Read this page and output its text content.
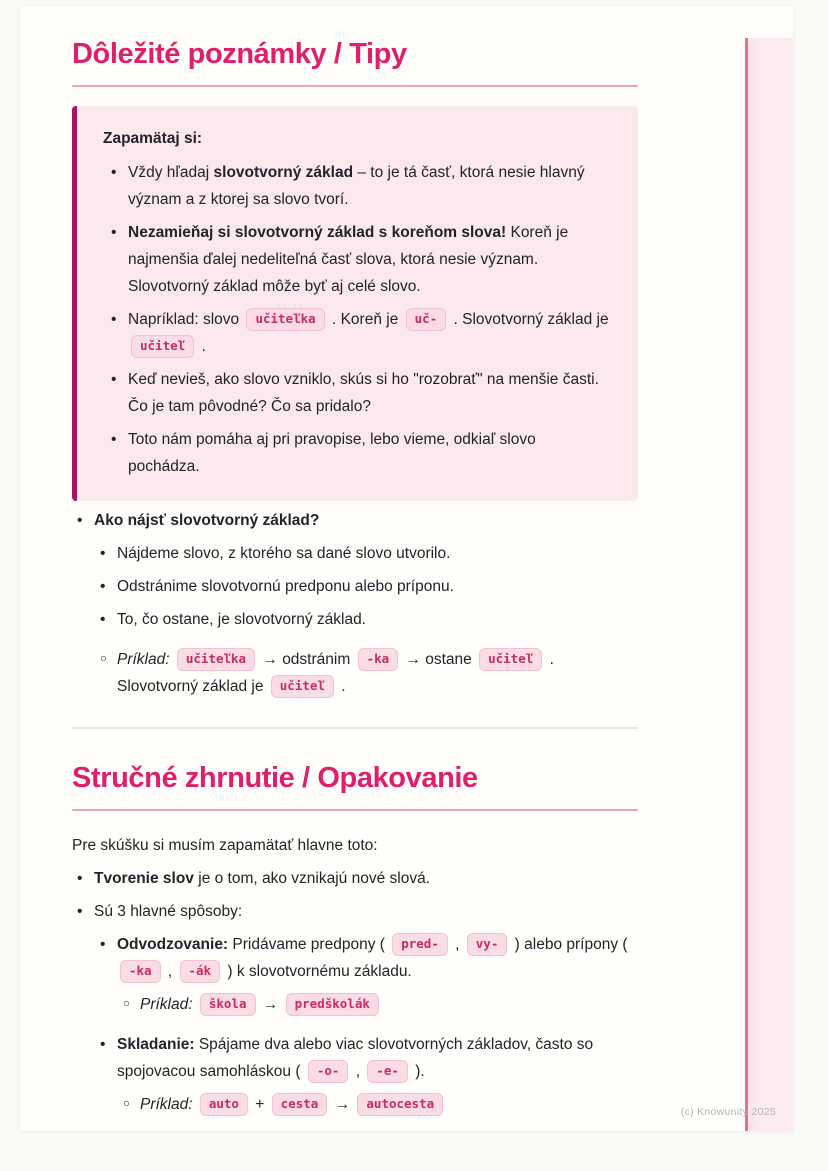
Dôležité poznámky / Tipy

Zapamätaj si:

• Vždy hľadaj slovotvorný základ – to je tá časť, ktorá nesie hlavný význam a z ktorej sa slovo tvorí.
• Nezamieňaj si slovotvorný základ s koreňom slova! Koreň je najmenšia ďalej nedeliteľná časť slova, ktorá nesie význam. Slovotvorný základ môže byť aj celé slovo.
• Napríklad: slovo učiteľka . Koreň je uč- . Slovotvorný základ je učiteľ .
• Keď nevieš, ako slovo vzniklo, skús si ho "rozobrať" na menšie časti. Čo je tam pôvodné? Čo sa pridalo?
• Toto nám pomáha aj pri pravopise, lebo vieme, odkiaľ slovo pochádza.
• Ako nájsť slovotvorný základ?
• Nájdeme slovo, z ktorého sa dané slovo utvorilo.
• Odstránime slovotvornú predponu alebo príponu.
• To, čo ostane, je slovotvorný základ.
○ Príklad: učiteľka → odstránim -ka → ostane učiteľ . Slovotvorný základ je učiteľ .
Stručné zhrnutie / Opakovanie

Pre skúšku si musím zapamätať hlavne toto:

• Tvorenie slov je o tom, ako vznikajú nové slová.
• Sú 3 hlavné spôsoby:
• Odvodzovanie: Pridávame predpony ( pred- , vy- ) alebo prípony ( -ka , -ák ) k slovotvornému základu.
○ Príklad: škola → predškolák
• Skladanie: Spájame dva alebo viac slovotvorných základov, často so spojovacou samohláskou ( -o- , -e- ).
○ Príklad: auto + cesta → autocesta
(c) Knowunity 2025
